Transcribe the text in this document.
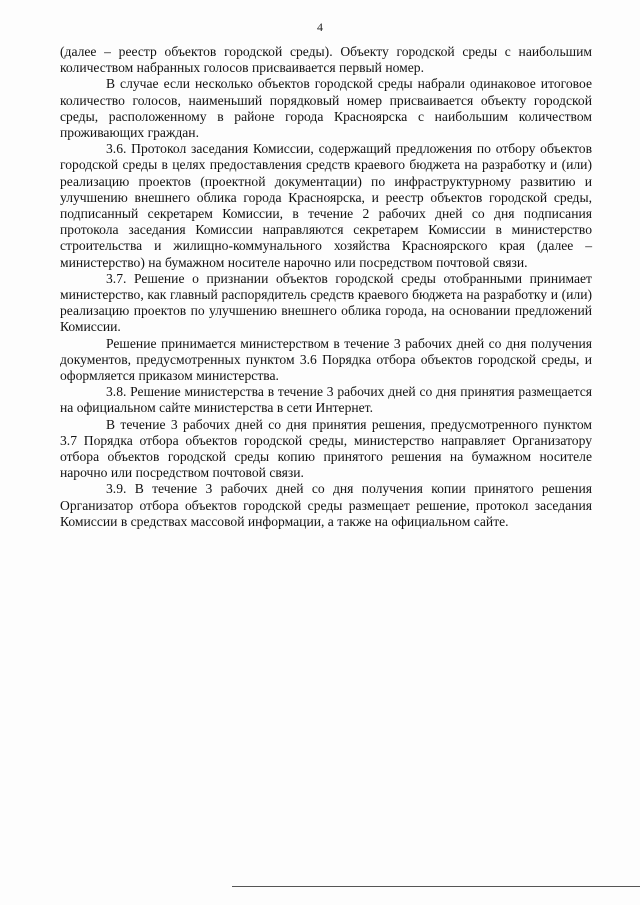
4

(далее – реестр объектов городской среды). Объекту городской среды с наибольшим количеством набранных голосов присваивается первый номер.

В случае если несколько объектов городской среды набрали одинаковое итоговое количество голосов, наименьший порядковый номер присваивается объекту городской среды, расположенному в районе города Красноярска с наибольшим количеством проживающих граждан.

3.6. Протокол заседания Комиссии, содержащий предложения по отбору объектов городской среды в целях предоставления средств краевого бюджета на разработку и (или) реализацию проектов (проектной документации) по инфраструктурному развитию и улучшению внешнего облика города Красноярска, и реестр объектов городской среды, подписанный секретарем Комиссии, в течение 2 рабочих дней со дня подписания протокола заседания Комиссии направляются секретарем Комиссии в министерство строительства и жилищно-коммунального хозяйства Красноярского края (далее – министерство) на бумажном носителе нарочно или посредством почтовой связи.

3.7. Решение о признании объектов городской среды отобранными принимает министерство, как главный распорядитель средств краевого бюджета на разработку и (или) реализацию проектов по улучшению внешнего облика города, на основании предложений Комиссии.

Решение принимается министерством в течение 3 рабочих дней со дня получения документов, предусмотренных пунктом 3.6 Порядка отбора объектов городской среды, и оформляется приказом министерства.

3.8. Решение министерства в течение 3 рабочих дней со дня принятия размещается на официальном сайте министерства в сети Интернет.

В течение 3 рабочих дней со дня принятия решения, предусмотренного пунктом 3.7 Порядка отбора объектов городской среды, министерство направляет Организатору отбора объектов городской среды копию принятого решения на бумажном носителе нарочно или посредством почтовой связи.

3.9. В течение 3 рабочих дней со дня получения копии принятого решения Организатор отбора объектов городской среды размещает решение, протокол заседания Комиссии в средствах массовой информации, а также на официальном сайте.
